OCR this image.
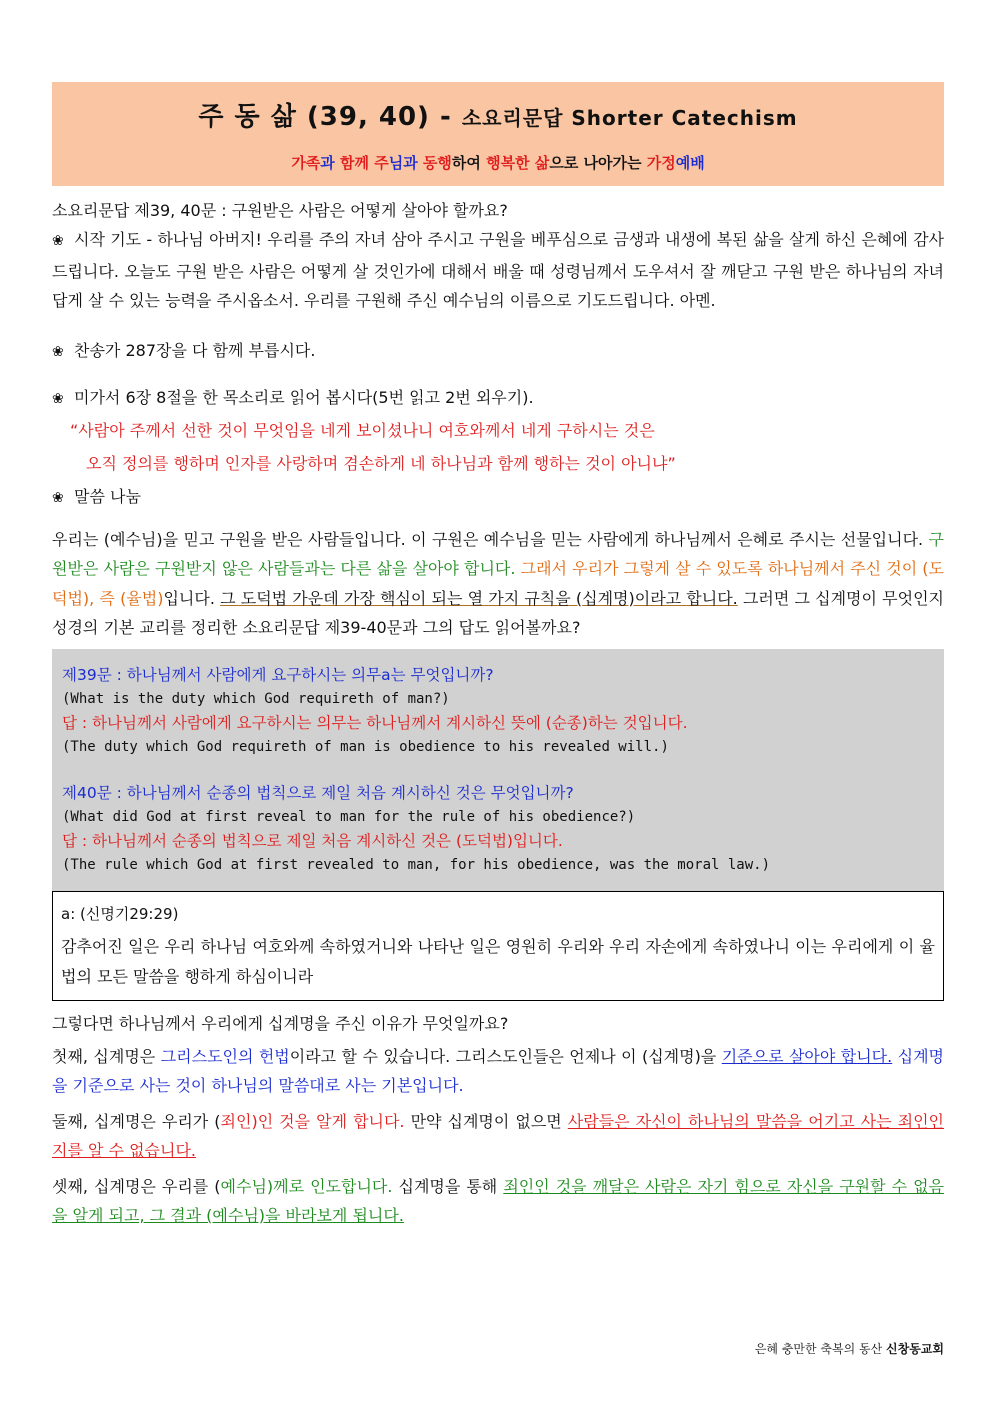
주 동 삶 (39, 40) - 소요리문답 Shorter Catechism
가족과 함께 주님과 동행하여 행복한 삶으로 나아가는 가정예배
소요리문답 제39, 40문 : 구원받은 사람은 어떻게 살아야 할까요?

❀ 시작 기도 - 하나님 아버지! 우리를 주의 자녀 삼아 주시고 구원을 베푸심으로 금생과 내생에 복된 삶을 살게 하신 은혜에 감사드립니다. 오늘도 구원 받은 사람은 어떻게 살 것인가에 대해서 배울 때 성령님께서 도우셔서 잘 깨닫고 구원 받은 하나님의 자녀답게 살 수 있는 능력을 주시옵소서. 우리를 구원해 주신 예수님의 이름으로 기도드립니다. 아멘.

❀ 찬송가 287장을 다 함께 부릅시다.
❀ 미가서 6장 8절을 한 목소리로 읽어 봅시다(5번 읽고 2번 외우기).
“사람아 주께서 선한 것이 무엇임을 네게 보이셨나니 여호와께서 네게 구하시는 것은
오직 정의를 행하며 인자를 사랑하며 겸손하게 네 하나님과 함께 행하는 것이 아니냐”
❀ 말씀 나눔

우리는 (예수님)을 믿고 구원을 받은 사람들입니다. 이 구원은 예수님을 믿는 사람에게 하나님께서 은혜로 주시는 선물입니다. 구원받은 사람은 구원받지 않은 사람들과는 다른 삶을 살아야 합니다. 그래서 우리가 그렇게 살 수 있도록 하나님께서 주신 것이 (도덕법), 즉 (율법)입니다. 그 도덕법 가운데 가장 핵심이 되는 열 가지 규칙을 (십계명)이라고 합니다. 그러면 그 십계명이 무엇인지 성경의 기본 교리를 정리한 소요리문답 제39-40문과 그의 답도 읽어볼까요?

제39문 : 하나님께서 사람에게 요구하시는 의무a는 무엇입니까?
(What is the duty which God requireth of man?)
답 : 하나님께서 사람에게 요구하시는 의무는 하나님께서 계시하신 뜻에 (순종)하는 것입니다.
(The duty which God requireth of man is obedience to his revealed will.)
제40문 : 하나님께서 순종의 법칙으로 제일 처음 계시하신 것은 무엇입니까?
(What did God at first reveal to man for the rule of his obedience?)
답 : 하나님께서 순종의 법칙으로 제일 처음 계시하신 것은 (도덕법)입니다.
(The rule which God at first revealed to man, for his obedience, was the moral law.)
a: (신명기29:29)
감추어진 일은 우리 하나님 여호와께 속하였거니와 나타난 일은 영원히 우리와 우리 자손에게 속하였나니 이는 우리에게 이 율법의 모든 말씀을 행하게 하심이니라
그렇다면 하나님께서 우리에게 십계명을 주신 이유가 무엇일까요?

첫째, 십계명은 그리스도인의 헌법이라고 할 수 있습니다. 그리스도인들은 언제나 이 (십계명)을 기준으로 살아야 합니다. 십계명을 기준으로 사는 것이 하나님의 말씀대로 사는 기본입니다.

둘째, 십계명은 우리가 (죄인)인 것을 알게 합니다. 만약 십계명이 없으면 사람들은 자신이 하나님의 말씀을 어기고 사는 죄인인지를 알 수 없습니다.

셋째, 십계명은 우리를 (예수님)께로 인도합니다. 십계명을 통해 죄인인 것을 깨달은 사람은 자기 힘으로 자신을 구원할 수 없음을 알게 되고, 그 결과 (예수님)을 바라보게 됩니다.

은혜 충만한 축복의 동산 신창동교회
